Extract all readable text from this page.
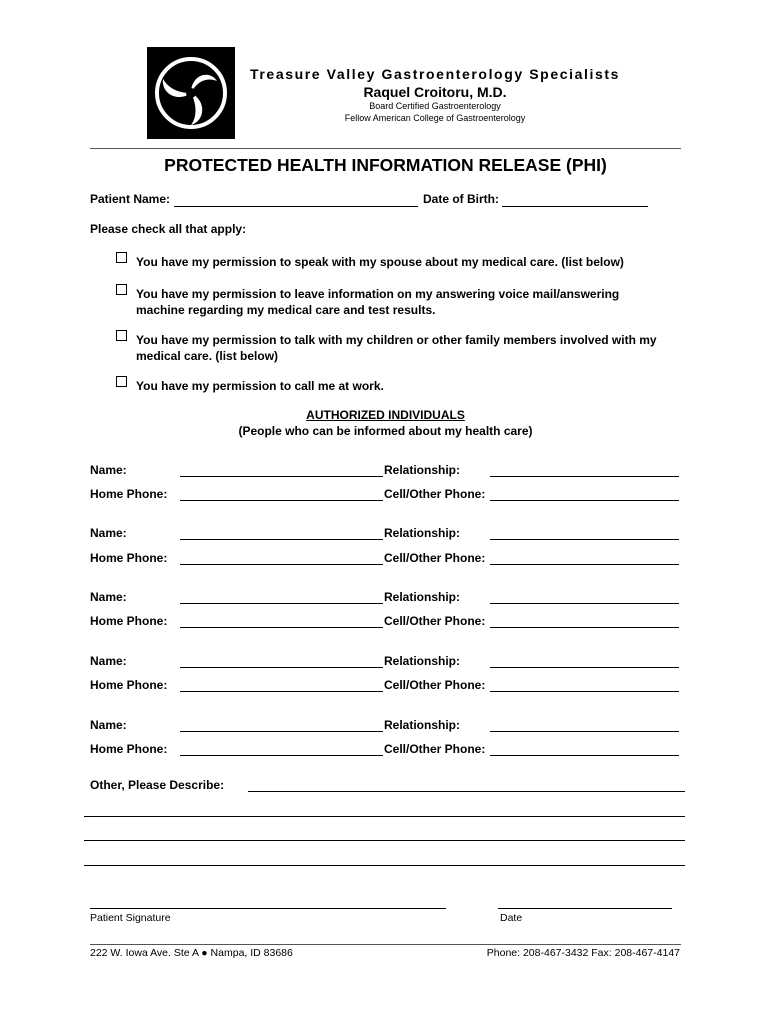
Treasure Valley Gastroenterology Specialists
Raquel Croitoru, M.D.
Board Certified Gastroenterology
Fellow American College of Gastroenterology
PROTECTED HEALTH INFORMATION RELEASE (PHI)
Patient Name:	Date of Birth:
Please check all that apply:
You have my permission to speak with my spouse about my medical care. (list below)
You have my permission to leave information on my answering voice mail/answering machine regarding my medical care and test results.
You have my permission to talk with my children or other family members involved with my medical care. (list below)
You have my permission to call me at work.
AUTHORIZED INDIVIDUALS
(People who can be informed about my health care)
Name:	Relationship:
Home Phone:	Cell/Other Phone:
Name:	Relationship:
Home Phone:	Cell/Other Phone:
Name:	Relationship:
Home Phone:	Cell/Other Phone:
Name:	Relationship:
Home Phone:	Cell/Other Phone:
Name:	Relationship:
Home Phone:	Cell/Other Phone:
Other, Please Describe:
Patient Signature	Date
222 W. Iowa Ave. Ste A ● Nampa, ID 83686	Phone: 208-467-3432 Fax: 208-467-4147
